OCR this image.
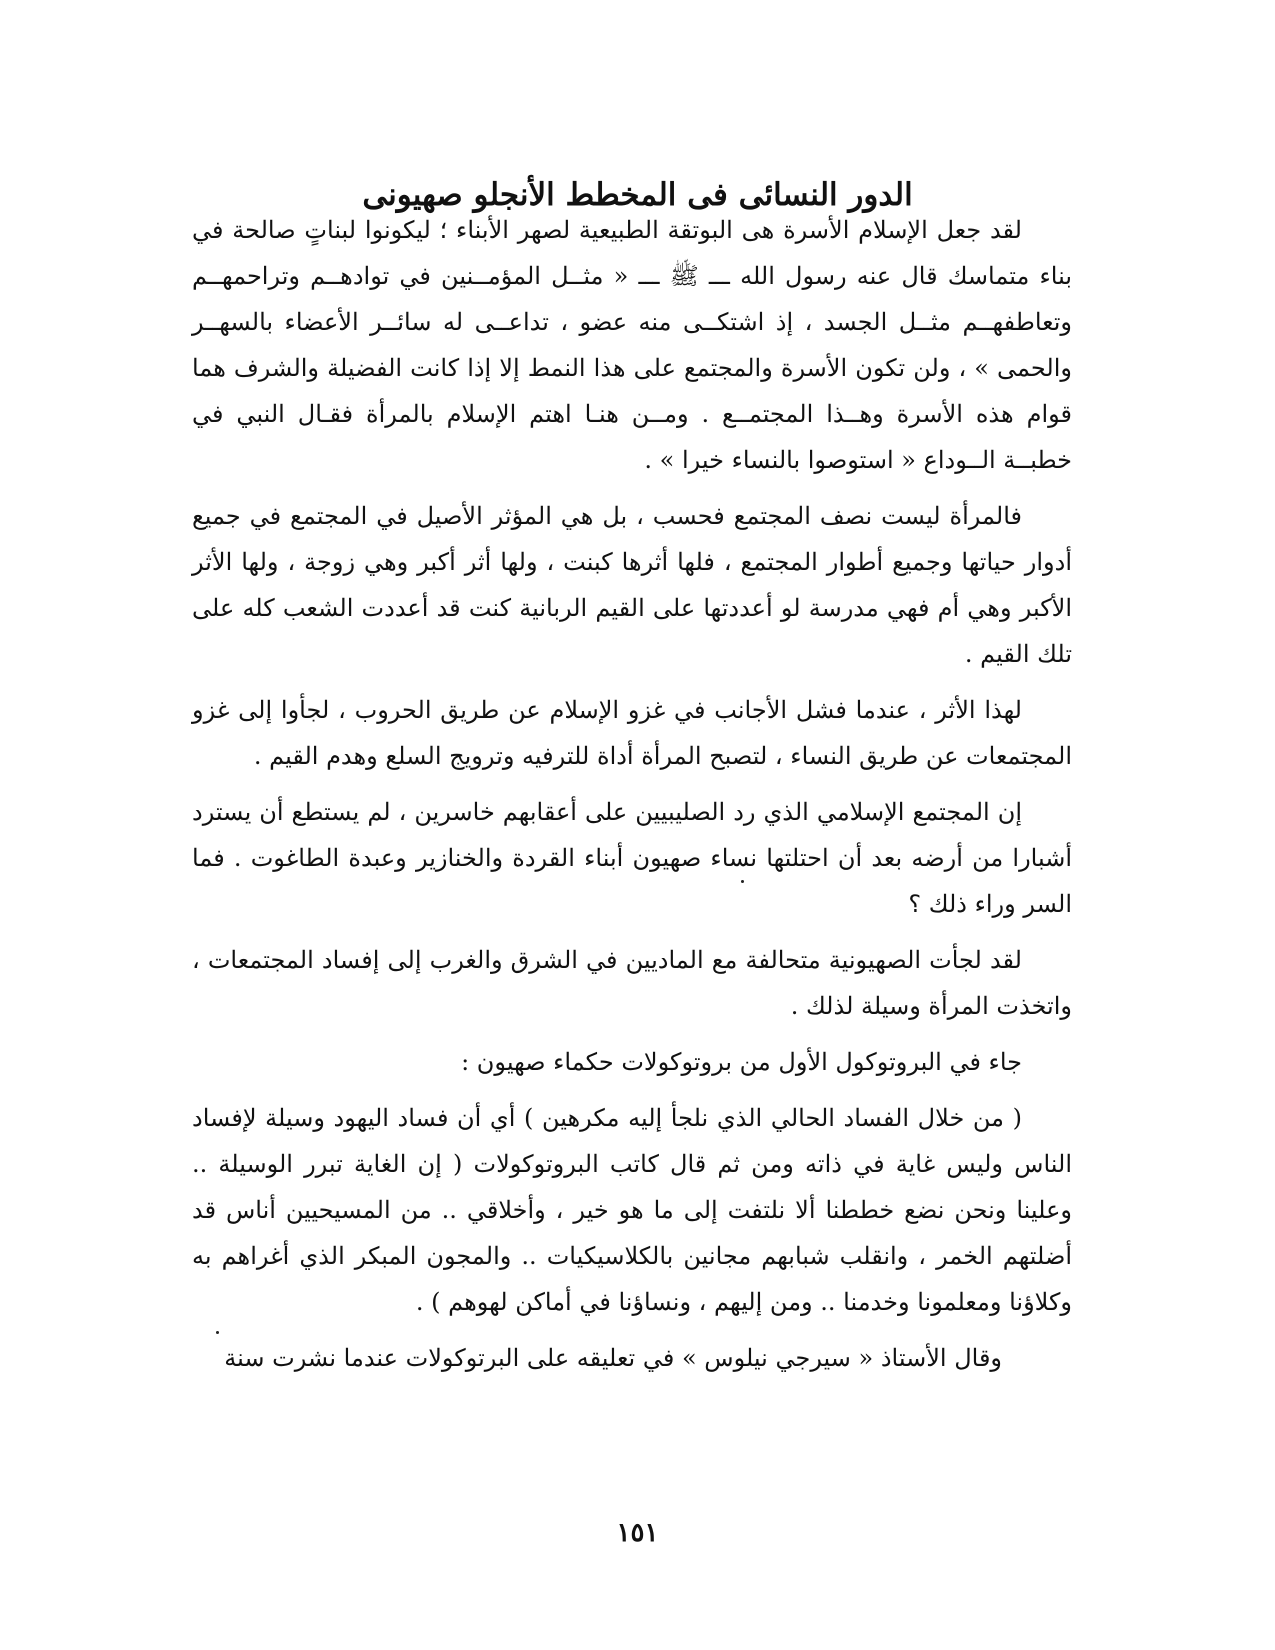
الدور النسائى فى المخطط الأنجلو صهيونى

لقد جعل الإسلام الأسرة هى البوتقة الطبيعية لصهر الأبناء ؛ ليكونوا لبناتٍ صالحة في بناء متماسك قال عنه رسول الله ـــ ﷺ ـــ « مثــل المؤمــنين في توادهــم وتراحمهــم وتعاطفهــم مثــل الجسد ، إذ اشتكــى منه عضو ، تداعــى له سائــر الأعضاء بالسهــر والحمى » ، ولن تكون الأسرة والمجتمع على هذا النمط إلا إذا كانت الفضيلة والشرف هما قوام هذه الأسرة وهــذا المجتمــع . ومــن هنـا اهتم الإسلام بالمرأة فقـال النبي في خطبــة الــوداع « استوصوا بالنساء خيرا » .

فالمرأة ليست نصف المجتمع فحسب ، بل هي المؤثر الأصيل في المجتمع في جميع أدوار حياتها وجميع أطوار المجتمع ، فلها أثرها كبنت ، ولها أثر أكبر وهي زوجة ، ولها الأثر الأكبر وهي أم فهي مدرسة لو أعددتها على القيم الربانية كنت قد أعددت الشعب كله على تلك القيم .

لهذا الأثر ، عندما فشل الأجانب في غزو الإسلام عن طريق الحروب ، لجأوا إلى غزو المجتمعات عن طريق النساء ، لتصبح المرأة أداة للترفيه وترويج السلع وهدم القيم .

إن المجتمع الإسلامي الذي رد الصليبيين على أعقابهم خاسرين ، لم يستطع أن يسترد أشبارا من أرضه بعد أن احتلتها نساء صهيون أبناء القردة والخنازير وعبدة الطاغوت . فما السر وراء ذلك ؟

لقد لجأت الصهيونية متحالفة مع الماديين في الشرق والغرب إلى إفساد المجتمعات ، واتخذت المرأة وسيلة لذلك .

جاء في البروتوكول الأول من بروتوكولات حكماء صهيون :

( من خلال الفساد الحالي الذي نلجأ إليه مكرهين ) أي أن فساد اليهود وسيلة لإفساد الناس وليس غاية في ذاته ومن ثم قال كاتب البروتوكولات ( إن الغاية تبرر الوسيلة .. وعلينا ونحن نضع خططنا ألا نلتفت إلى ما هو خير ، وأخلاقي .. من المسيحيين أناس قد أضلتهم الخمر ، وانقلب شبابهم مجانين بالكلاسيكيات .. والمجون المبكر الذي أغراهم به وكلاؤنا ومعلمونا وخدمنا .. ومن إليهم ، ونساؤنا في أماكن لهوهم ) .

وقال الأستاذ « سيرجي نيلوس » في تعليقه على البرتوكولات عندما نشرت سنة

١٥١
